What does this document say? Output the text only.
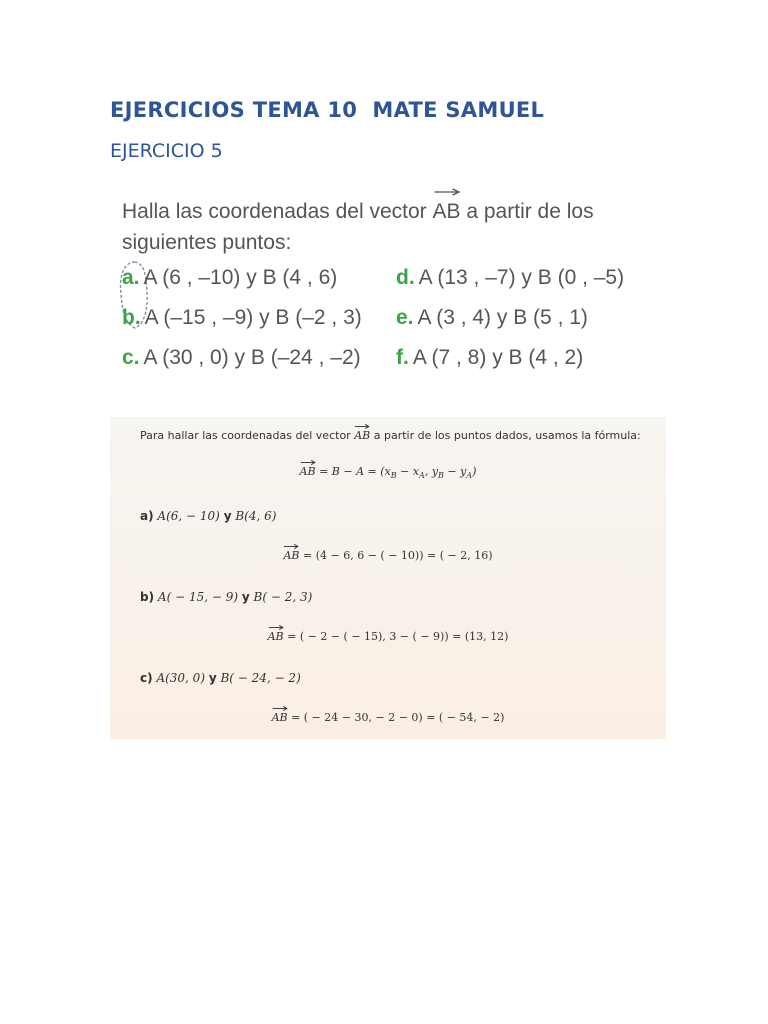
EJERCICIOS TEMA 10  MATE SAMUEL
EJERCICIO 5
Halla las coordenadas del vector
AB a partir de los siguientes puntos:
a. A (6 , –10) y B (4 , 6)
b. A (–15 , –9) y B (–2 , 3)
c. A (30 , 0) y B (–24 , –2)
d. A (13 , –7) y B (0 , –5)
e. A (3 , 4) y B (5 , 1)
f. A (7 , 8) y B (4 , 2)
Para hallar las coordenadas del vector
AB a partir de los puntos dados, usamos la fórmula:
AB = $B - A = (x_B - x_A$, $y_B - y_A$)
a) A(6, − 10) y B(4, 6)
AB = (4 − 6, 6 − ( − 10)) = ( − 2, 16)
b) A( − 15, − 9) y B( − 2, 3)
AB = ( − 2 − ( − 15), 3 − ( − 9)) = (13, 12)
c) A(30, 0) y B( − 24, − 2)
AB = ( − 24 − 30, − 2 − 0) = ( − 54, − 2)
